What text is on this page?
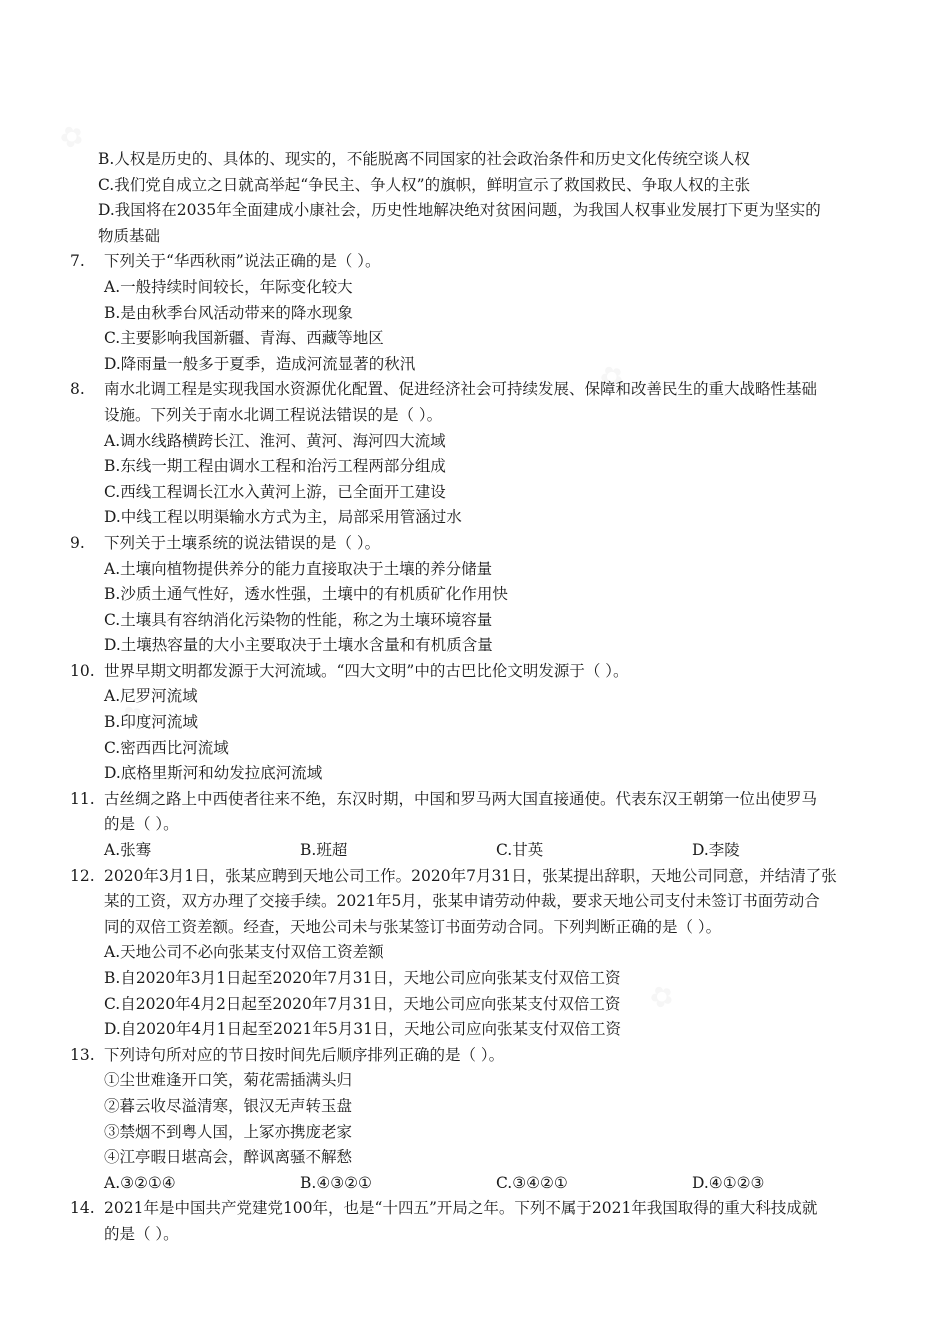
B.人权是历史的、具体的、现实的，不能脱离不同国家的社会政治条件和历史文化传统空谈人权
C.我们党自成立之日就高举起“争民主、争人权”的旗帜，鲜明宣示了救国救民、争取人权的主张
D.我国将在2035年全面建成小康社会，历史性地解决绝对贫困问题，为我国人权事业发展打下更为坚实的
物质基础
7.	下列关于“华西秋雨”说法正确的是（ ）。
A.一般持续时间较长，年际变化较大
B.是由秋季台风活动带来的降水现象
C.主要影响我国新疆、青海、西藏等地区
D.降雨量一般多于夏季，造成河流显著的秋汛
8.	南水北调工程是实现我国水资源优化配置、促进经济社会可持续发展、保障和改善民生的重大战略性基础
设施。下列关于南水北调工程说法错误的是（ ）。
A.调水线路横跨长江、淮河、黄河、海河四大流域
B.东线一期工程由调水工程和治污工程两部分组成
C.西线工程调长江水入黄河上游，已全面开工建设
D.中线工程以明渠输水方式为主，局部采用管涵过水
9.	下列关于土壤系统的说法错误的是（ ）。
A.土壤向植物提供养分的能力直接取决于土壤的养分储量
B.沙质土通气性好，透水性强，土壤中的有机质矿化作用快
C.土壤具有容纳消化污染物的性能，称之为土壤环境容量
D.土壤热容量的大小主要取决于土壤水含量和有机质含量
10. 世界早期文明都发源于大河流域。“四大文明”中的古巴比伦文明发源于（ ）。
A.尼罗河流域
B.印度河流域
C.密西西比河流域
D.底格里斯河和幼发拉底河流域
11. 古丝绸之路上中西使者往来不绝，东汉时期，中国和罗马两大国直接通使。代表东汉王朝第一位出使罗马
的是（ ）。
A.张骞	B.班超	C.甘英	D.李陵
12. 2020年3月1日，张某应聘到天地公司工作。2020年7月31日，张某提出辞职，天地公司同意，并结清了张
某的工资，双方办理了交接手续。2021年5月，张某申请劳动仲裁，要求天地公司支付未签订书面劳动合
同的双倍工资差额。经查，天地公司未与张某签订书面劳动合同。下列判断正确的是（ ）。
A.天地公司不必向张某支付双倍工资差额
B.自2020年3月1日起至2020年7月31日，天地公司应向张某支付双倍工资
C.自2020年4月2日起至2020年7月31日，天地公司应向张某支付双倍工资
D.自2020年4月1日起至2021年5月31日，天地公司应向张某支付双倍工资
13. 下列诗句所对应的节日按时间先后顺序排列正确的是（ ）。
①尘世难逢开口笑，菊花需插满头归
②暮云收尽溢清寒，银汉无声转玉盘
③禁烟不到粤人国，上冢亦携庞老家
④江亭暇日堪高会，醉讽离骚不解愁
A.③②①④	B.④③②①	C.③④②①	D.④①②③
14. 2021年是中国共产党建党100年，也是“十四五”开局之年。下列不属于2021年我国取得的重大科技成就
的是（ ）。
